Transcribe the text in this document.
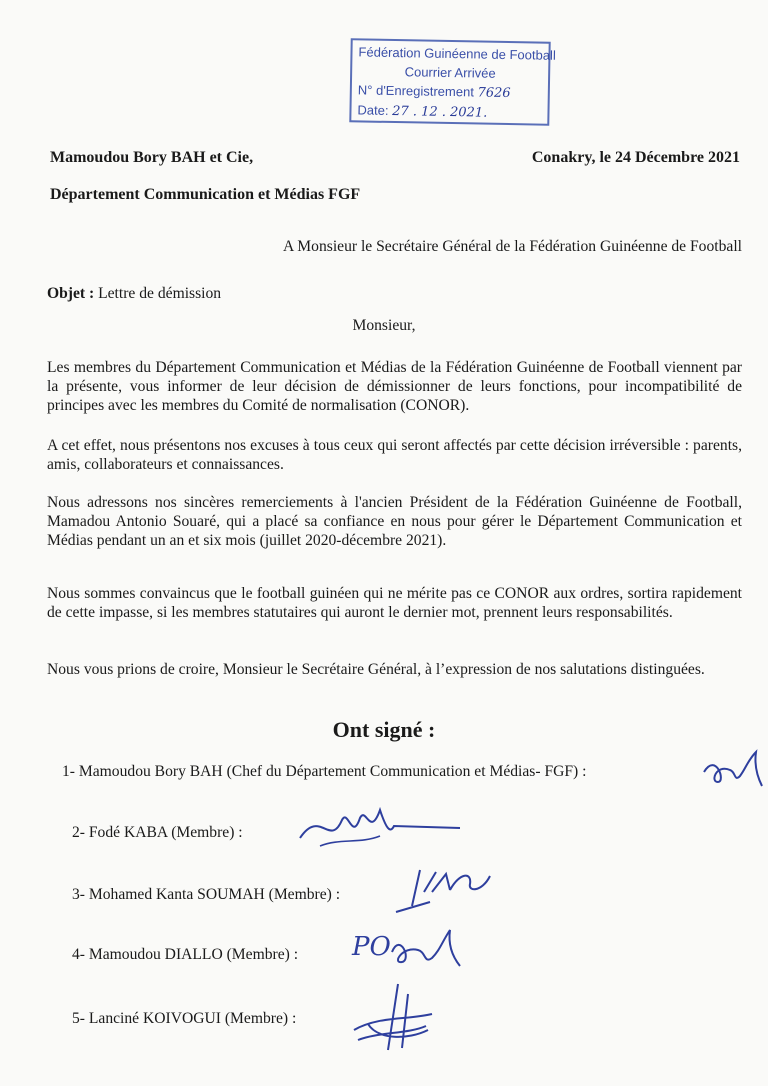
Fédération Guinéenne de Football
Courrier Arrivée
N° d'Enregistrement 7626
Date: 27 . 12 . 2021.
Mamoudou Bory BAH et Cie,
Département Communication et Médias FGF
Conakry, le 24 Décembre 2021
A Monsieur le Secrétaire Général de la Fédération Guinéenne de Football
Objet : Lettre de démission
Monsieur,
Les membres du Département Communication et Médias de la Fédération Guinéenne de Football viennent par la présente, vous informer de leur décision de démissionner de leurs fonctions, pour incompatibilité de principes avec les membres du Comité de normalisation (CONOR).
A cet effet, nous présentons nos excuses à tous ceux qui seront affectés par cette décision irréversible : parents, amis, collaborateurs et connaissances.
Nous adressons nos sincères remerciements à l'ancien Président de la Fédération Guinéenne de Football, Mamadou Antonio Souaré, qui a placé sa confiance en nous pour gérer le Département Communication et Médias pendant un an et six mois (juillet 2020-décembre 2021).
Nous sommes convaincus que le football guinéen qui ne mérite pas ce CONOR aux ordres, sortira rapidement de cette impasse, si les membres statutaires qui auront le dernier mot, prennent leurs responsabilités.
Nous vous prions de croire, Monsieur le Secrétaire Général, à l’expression de nos salutations distinguées.
Ont signé :
1- Mamoudou Bory BAH (Chef du Département Communication et Médias- FGF) :
2- Fodé KABA (Membre) :
3- Mohamed Kanta SOUMAH (Membre) :
4- Mamoudou DIALLO (Membre) :
5- Lanciné KOIVOGUI (Membre) :
PO
